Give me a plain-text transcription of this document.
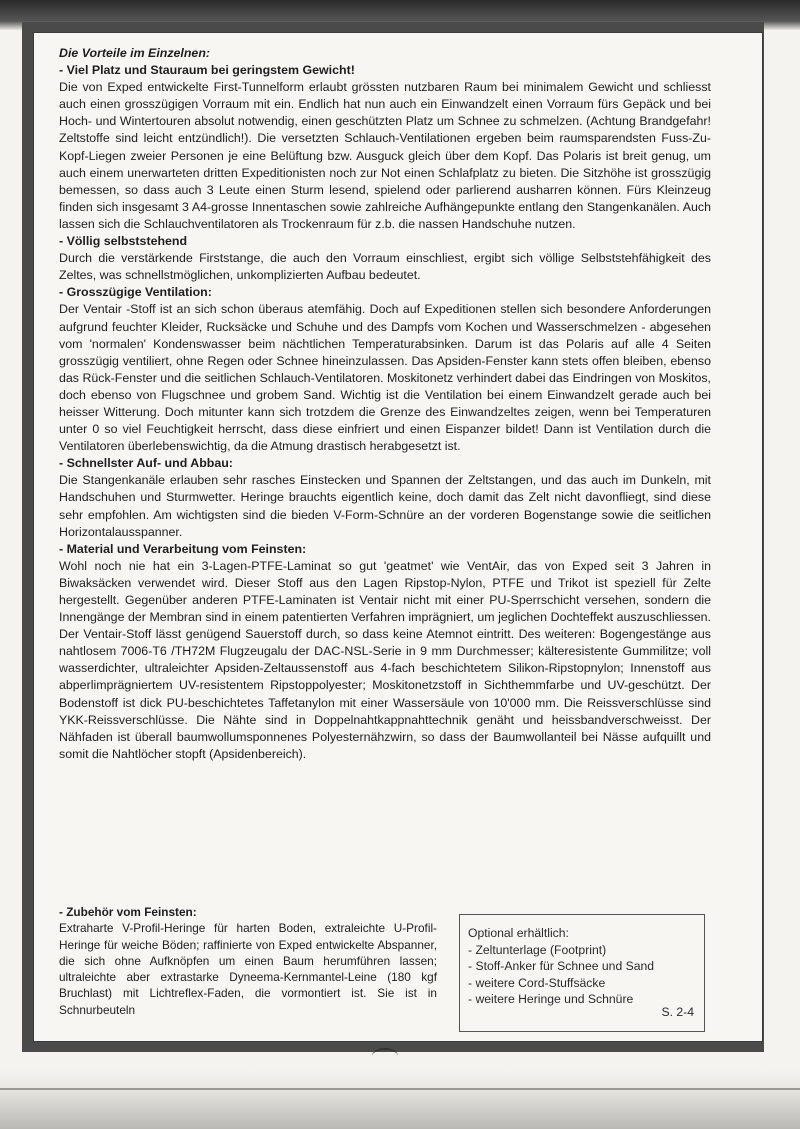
Die Vorteile im Einzelnen:

- Viel Platz und Stauraum bei geringstem Gewicht!

Die von Exped entwickelte First-Tunnelform erlaubt grössten nutzbaren Raum bei minimalem Gewicht und schliesst auch einen grosszügigen Vorraum mit ein. Endlich hat nun auch ein Einwandzelt einen Vorraum fürs Gepäck und bei Hoch- und Wintertouren absolut notwendig, einen geschützten Platz um Schnee zu schmelzen. (Achtung Brandgefahr! Zeltstoffe sind leicht entzündlich!). Die versetzten Schlauch-Ventilationen ergeben beim raumsparendsten Fuss-Zu-Kopf-Liegen zweier Personen je eine Belüftung bzw. Ausguck gleich über dem Kopf. Das Polaris ist breit genug, um auch einem unerwarteten dritten Expeditionisten noch zur Not einen Schlafplatz zu bieten. Die Sitzhöhe ist grosszügig bemessen, so dass auch 3 Leute einen Sturm lesend, spielend oder parlierend ausharren können. Fürs Kleinzeug finden sich insgesamt 3 A4-grosse Innentaschen sowie zahlreiche Aufhängepunkte entlang den Stangenkanälen. Auch lassen sich die Schlauchventilatoren als Trockenraum für z.b. die nassen Handschuhe nutzen.

- Völlig selbststehend

Durch die verstärkende Firststange, die auch den Vorraum einschliest, ergibt sich völlige Selbststehfähigkeit des Zeltes, was schnellstmöglichen, unkomplizierten Aufbau bedeutet.

- Grosszügige Ventilation:

Der Ventair -Stoff ist an sich schon überaus atemfähig. Doch auf Expeditionen stellen sich besondere Anforderungen aufgrund feuchter Kleider, Rucksäcke und Schuhe und des Dampfs vom Kochen und Wasserschmelzen - abgesehen vom 'normalen' Kondenswasser beim nächtlichen Temperaturabsinken. Darum ist das Polaris auf alle 4 Seiten grosszügig ventiliert, ohne Regen oder Schnee hineinzulassen. Das Apsiden-Fenster kann stets offen bleiben, ebenso das Rück-Fenster und die seitlichen Schlauch-Ventilatoren. Moskitonetz verhindert dabei das Eindringen von Moskitos, doch ebenso von Flugschnee und grobem Sand. Wichtig ist die Ventilation bei einem Einwandzelt gerade auch bei heisser Witterung. Doch mitunter kann sich trotzdem die Grenze des Einwandzeltes zeigen, wenn bei Temperaturen unter 0 so viel Feuchtigkeit herrscht, dass diese einfriert und einen Eispanzer bildet! Dann ist Ventilation durch die Ventilatoren überlebenswichtig, da die Atmung drastisch herabgesetzt ist.

- Schnellster Auf- und Abbau:

Die Stangenkanäle erlauben sehr rasches Einstecken und Spannen der Zeltstangen, und das auch im Dunkeln, mit Handschuhen und Sturmwetter. Heringe brauchts eigentlich keine, doch damit das Zelt nicht davonfliegt, sind diese sehr empfohlen. Am wichtigsten sind die bieden V-Form-Schnüre an der vorderen Bogenstange sowie die seitlichen Horizontalausspanner.

- Material und Verarbeitung vom Feinsten:

Wohl noch nie hat ein 3-Lagen-PTFE-Laminat so gut 'geatmet' wie VentAir, das von Exped seit 3 Jahren in Biwaksäcken verwendet wird. Dieser Stoff aus den Lagen Ripstop-Nylon, PTFE und Trikot ist speziell für Zelte hergestellt. Gegenüber anderen PTFE-Laminaten ist Ventair nicht mit einer PU-Sperrschicht versehen, sondern die Innengänge der Membran sind in einem patentierten Verfahren imprägniert, um jeglichen Dochteffekt auszuschliessen. Der Ventair-Stoff lässt genügend Sauerstoff durch, so dass keine Atemnot eintritt. Des weiteren: Bogengestänge aus nahtlosem 7006-T6 /TH72M Flugzeugalu der DAC-NSL-Serie in 9 mm Durchmesser; kälteresistente Gummilitze; voll wasserdichter, ultraleichter Apsiden-Zeltaussenstoff aus 4-fach beschichtetem Silikon-Ripstopnylon; Innenstoff aus abperlimprägniertem UV-resistentem Ripstoppolyester; Moskitonetzstoff in Sichthemmfarbe und UV-geschützt. Der Bodenstoff ist dick PU-beschichtetes Taffetanylon mit einer Wassersäule von 10'000 mm. Die Reissverschlüsse sind YKK-Reissverschlüsse. Die Nähte sind in Doppelnahtkappnahttechnik genäht und heissbandverschweisst. Der Nähfaden ist überall baumwollumsponnenes Polyesternähzwirn, so dass der Baumwollanteil bei Nässe aufquillt und somit die Nahtlöcher stopft (Apsidenbereich).

- Zubehör vom Feinsten:

Extraharte V-Profil-Heringe für harten Boden, extraleichte U-Profil-Heringe für weiche Böden; raffinierte von Exped entwickelte Abspanner, die sich ohne Aufknöpfen um einen Baum herumführen lassen; ultraleichte aber extrastarke Dyneema-Kernmantel-Leine (180 kgf Bruchlast) mit Lichtreflex-Faden, die vormontiert ist. Sie ist in Schnurbeuteln

Optional erhältlich:
- Zeltunterlage (Footprint)
- Stoff-Anker für Schnee und Sand
- weitere Cord-Stuffsäcke
- weitere Heringe und Schnüre
S. 2-4
